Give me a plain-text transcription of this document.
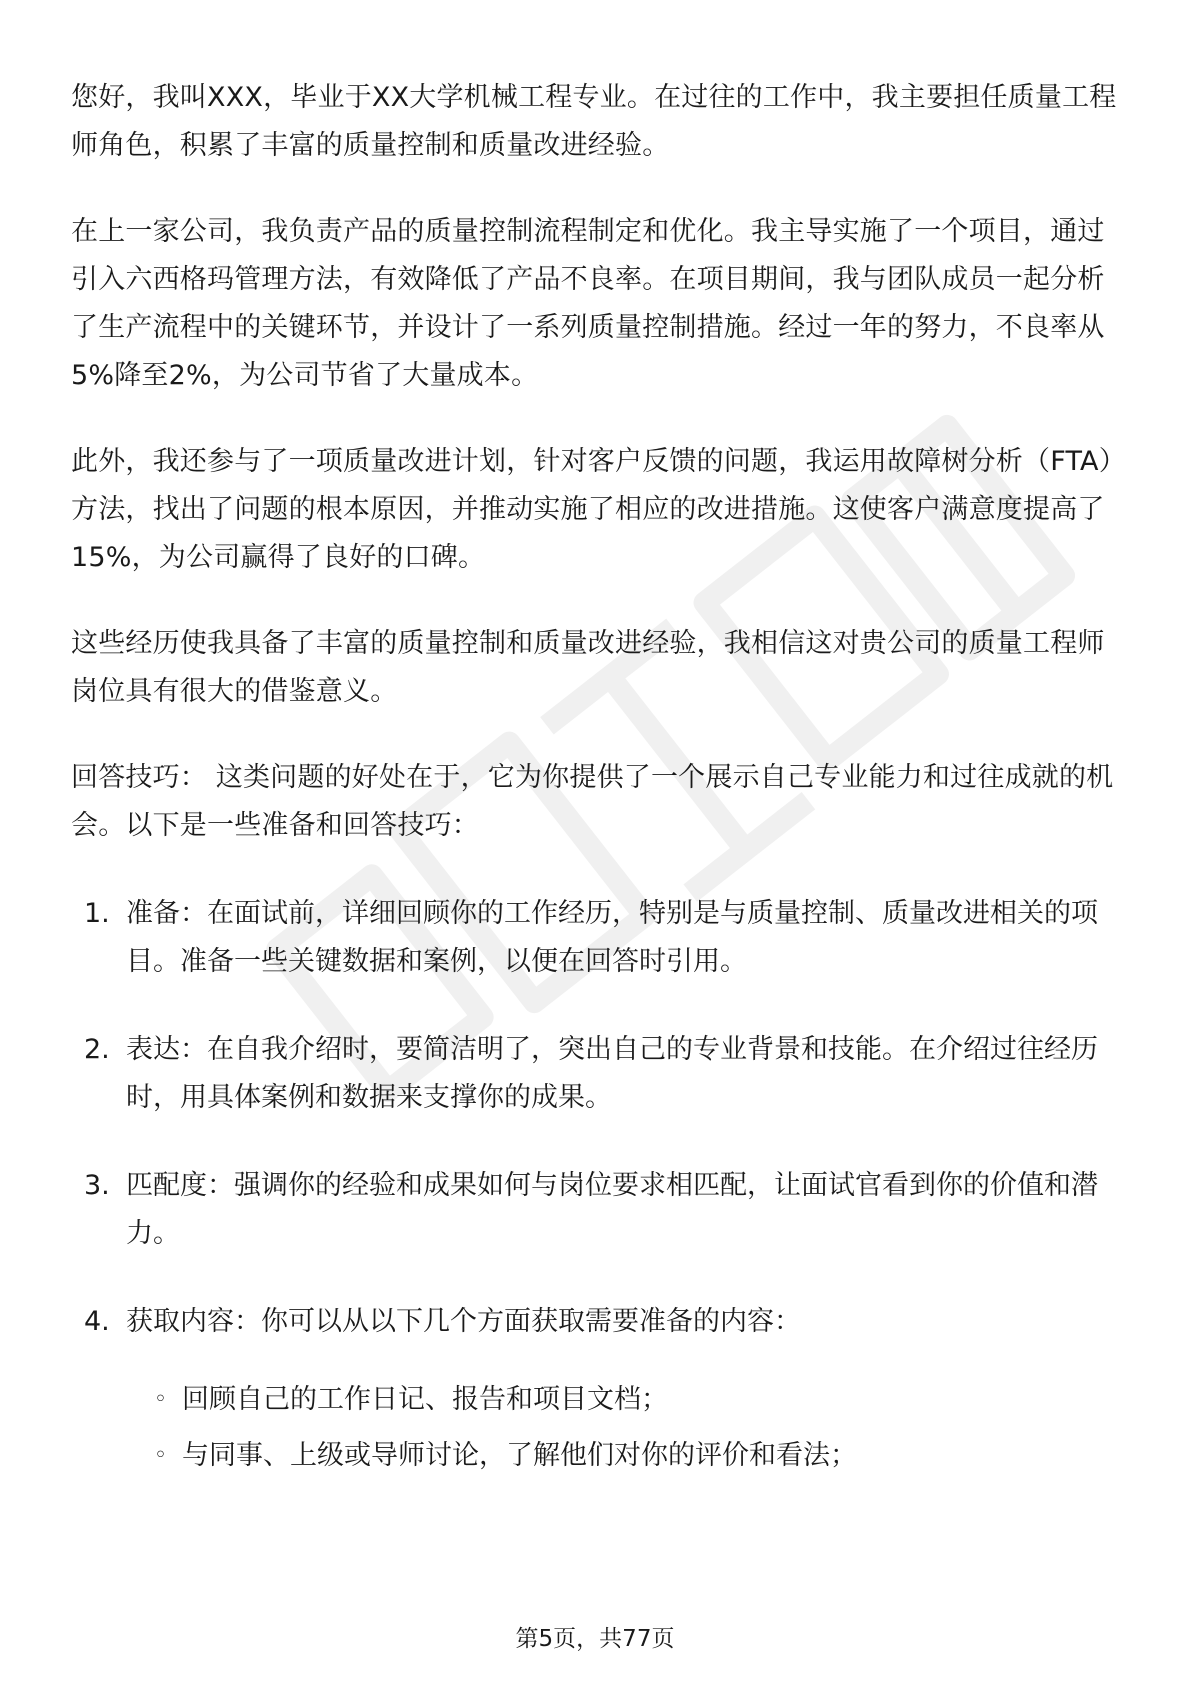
您好，我叫XXX，毕业于XX大学机械工程专业。在过往的工作中，我主要担任质量工程师角色，积累了丰富的质量控制和质量改进经验。

在上一家公司，我负责产品的质量控制流程制定和优化。我主导实施了一个项目，通过引入六西格玛管理方法，有效降低了产品不良率。在项目期间，我与团队成员一起分析了生产流程中的关键环节，并设计了一系列质量控制措施。经过一年的努力，不良率从5%降至2%，为公司节省了大量成本。

此外，我还参与了一项质量改进计划，针对客户反馈的问题，我运用故障树分析（FTA）方法，找出了问题的根本原因，并推动实施了相应的改进措施。这使客户满意度提高了15%，为公司赢得了良好的口碑。

这些经历使我具备了丰富的质量控制和质量改进经验，我相信这对贵公司的质量工程师岗位具有很大的借鉴意义。

回答技巧： 这类问题的好处在于，它为你提供了一个展示自己专业能力和过往成就的机会。以下是一些准备和回答技巧：

1. 准备：在面试前，详细回顾你的工作经历，特别是与质量控制、质量改进相关的项目。准备一些关键数据和案例，以便在回答时引用。
2. 表达：在自我介绍时，要简洁明了，突出自己的专业背景和技能。在介绍过往经历时，用具体案例和数据来支撑你的成果。
3. 匹配度：强调你的经验和成果如何与岗位要求相匹配，让面试官看到你的价值和潜力。
4. 获取内容：你可以从以下几个方面获取需要准备的内容：
◦ 回顾自己的工作日记、报告和项目文档；
◦ 与同事、上级或导师讨论，了解他们对你的评价和看法；
第5页，共77页
